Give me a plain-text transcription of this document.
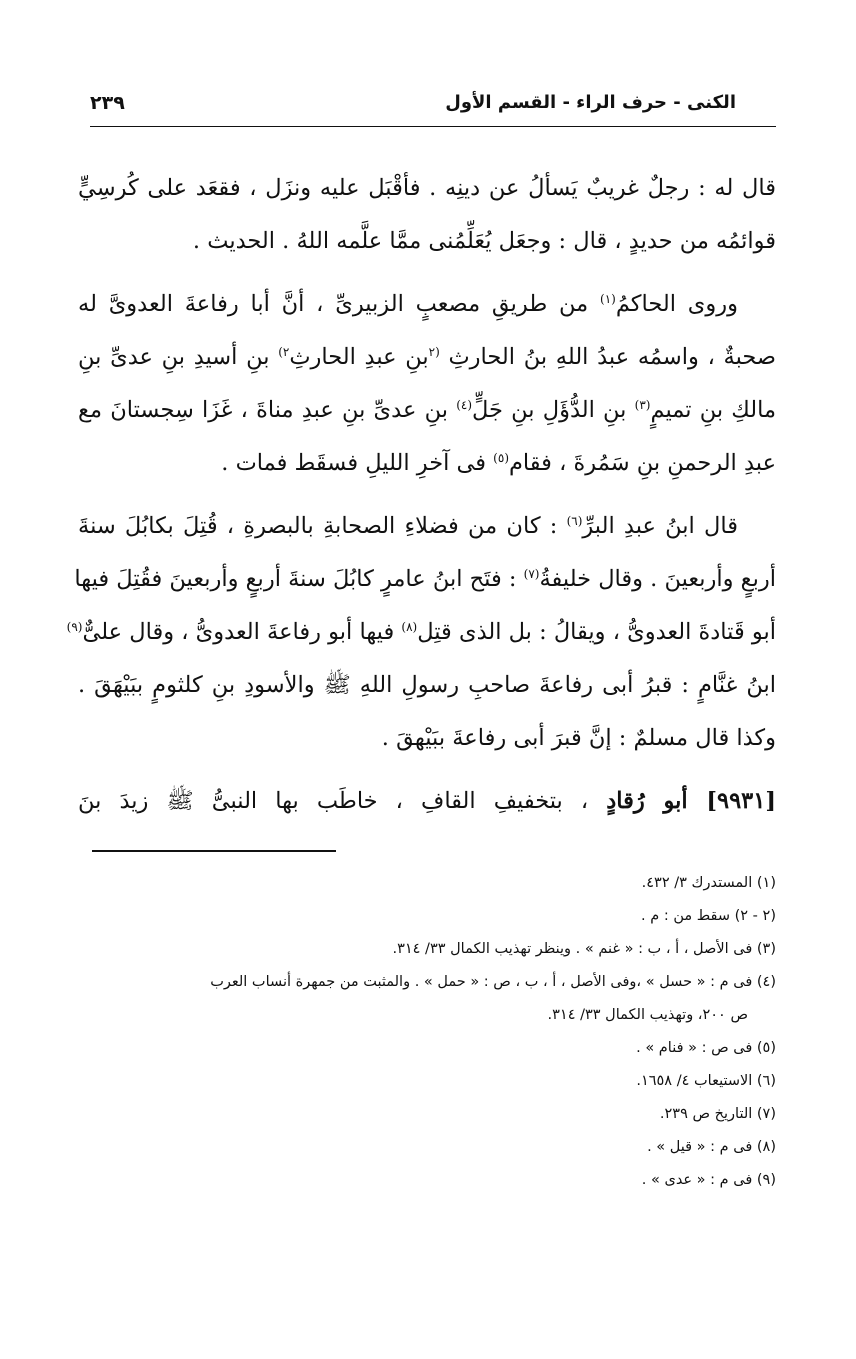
الكنى - حرف الراء - القسم الأول
٢٣٩
قال له : رجلٌ غريبٌ يَسألُ عن دينِه . فأقْبَل عليه ونزَل ، فقعَد على كُرسِيٍّ
قوائمُه من حديدٍ ، قال : وجعَل يُعَلِّمُنى ممَّا علَّمه اللهُ . الحديث .
وروى الحاكمُ$^{(١)}$ من طريقِ مصعبٍ الزبيرىِّ ، أنَّ أبا رفاعةَ العدوىَّ له
صحبةٌ ، واسمُه عبدُ اللهِ بنُ الحارثِ $^{(٢}$بنِ عبدِ الحارثِ$^{٢)}$ بنِ أسيدِ بنِ عدىِّ بنِ
مالكِ بنِ تميمٍ$^{(٣)}$ بنِ الدُّؤَلِ بنِ جَلٍّ$^{(٤)}$ بنِ عدىِّ بنِ عبدِ مناةَ ، غَزَا سِجستانَ مع
عبدِ الرحمنِ بنِ سَمُرةَ ، فقام$^{(٥)}$ فى آخرِ الليلِ فسقَط فمات .
قال ابنُ عبدِ البرِّ$^{(٦)}$ : كان من فضلاءِ الصحابةِ بالبصرةِ ، قُتِلَ بكابُلَ سنةَ
أربعٍ وأربعينَ . وقال خليفةُ$^{(٧)}$ : فتَح ابنُ عامرٍ كابُلَ سنةَ أربعٍ وأربعينَ فقُتِلَ فيها
أبو قَتادةَ العدوىُّ ، ويقالُ : بل الذى قتِل$^{(٨)}$ فيها أبو رفاعةَ العدوىُّ ، وقال علىٌّ$^{(٩)}$
ابنُ غنَّامٍ : قبرُ أبى رفاعةَ صاحبِ رسولِ اللهِ ﷺ والأسودِ بنِ كلثومٍ ببَيْهَقَ .
وكذا قال مسلمٌ : إنَّ قبرَ أبى رفاعةَ ببَيْهقَ .
[٩٩٣١] أبو رُقادٍ ، بتخفيفِ القافِ ، خاطَب بها النبىُّ ﷺ زيدَ بنَ
(١) المستدرك ٣/ ٤٣٢.
(٢ - ٢) سقط من : م .
(٣) فى الأصل ، أ ، ب : « غنم » . وينظر تهذيب الكمال ٣٣/ ٣١٤.
(٤) فى م : « حسل » ،وفى الأصل ، أ ، ب ، ص : « حمل » . والمثبت من جمهرة أنساب العرب
ص ٢٠٠، وتهذيب الكمال ٣٣/ ٣١٤.
(٥) فى ص : « فنام » .
(٦) الاستيعاب ٤/ ١٦٥٨.
(٧) التاريخ ص ٢٣٩.
(٨) فى م : « قيل » .
(٩) فى م : « عدى » .
